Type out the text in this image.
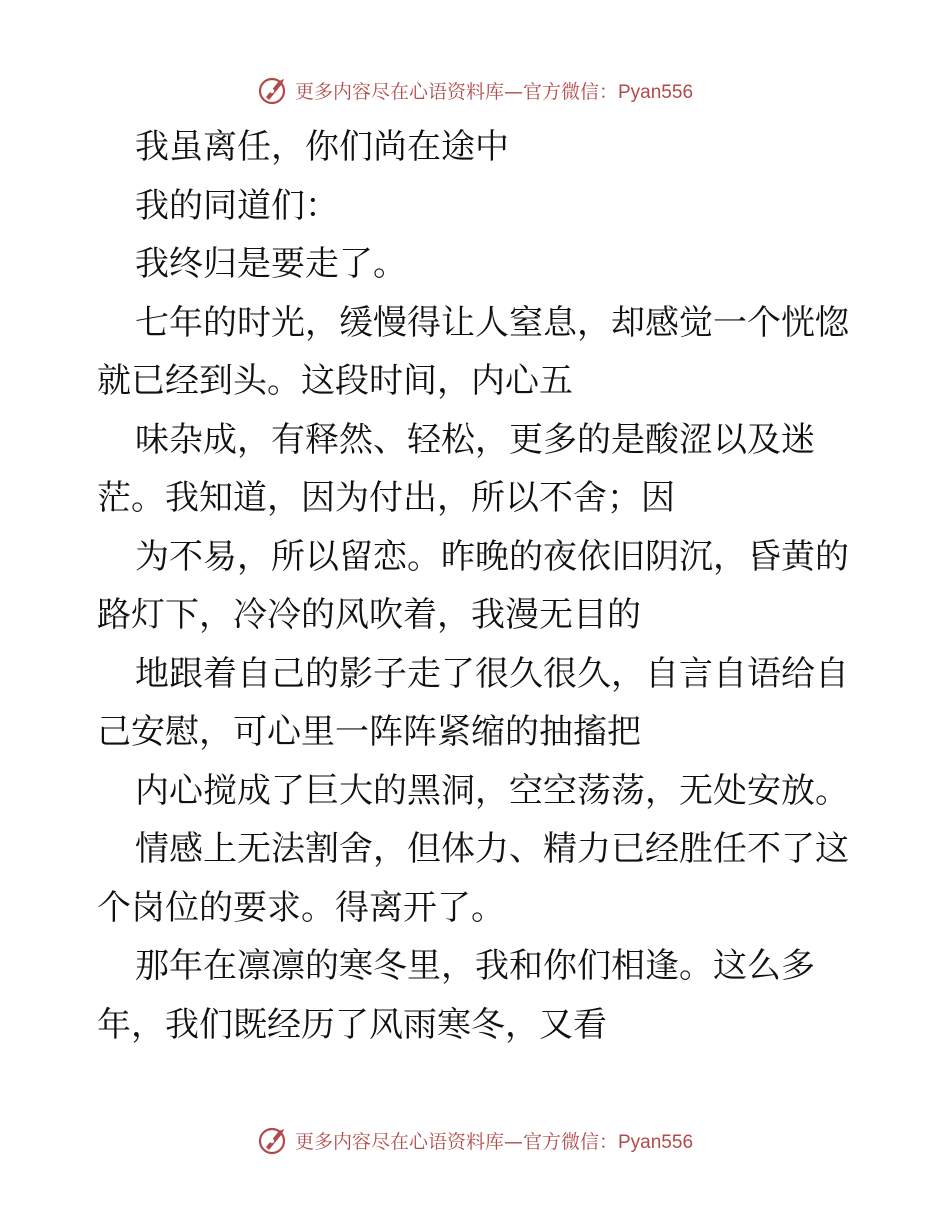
更多内容尽在心语资料库—官方微信：Pyan556
我虽离任，你们尚在途中
我的同道们：
我终归是要走了。
七年的时光，缓慢得让人窒息，却感觉一个恍惚
就已经到头。这段时间，内心五
味杂成，有释然、轻松，更多的是酸涩以及迷
茫。我知道，因为付出，所以不舍；因
为不易，所以留恋。昨晚的夜依旧阴沉，昏黄的
路灯下，冷冷的风吹着，我漫无目的
地跟着自己的影子走了很久很久，自言自语给自
己安慰，可心里一阵阵紧缩的抽搐把
内心搅成了巨大的黑洞，空空荡荡，无处安放。
情感上无法割舍，但体力、精力已经胜任不了这
个岗位的要求。得离开了。
那年在凛凛的寒冬里，我和你们相逢。这么多
年，我们既经历了风雨寒冬，又看
更多内容尽在心语资料库—官方微信：Pyan556
